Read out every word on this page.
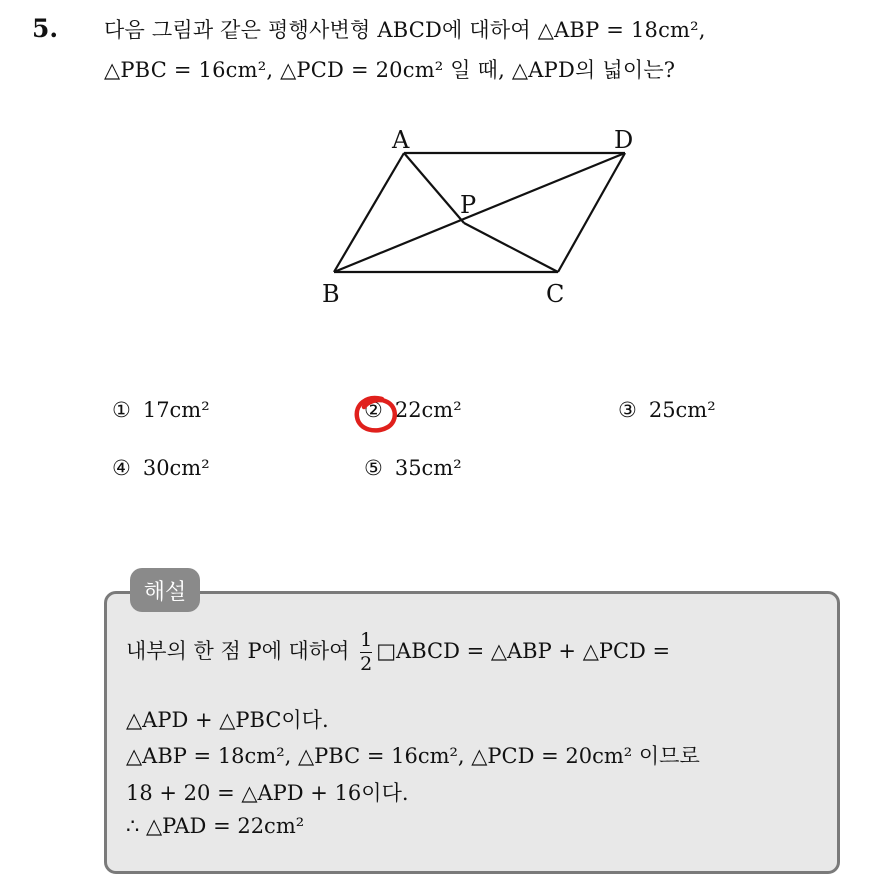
5. 다음 그림과 같은 평행사변형 ABCD에 대하여 △ABP = 18cm²,
△PBC = 16cm², △PCD = 20cm² 일 때, △APD의 넓이는?
A	D
P
B	C
① 17cm²	② 22cm²	③ 25cm²
④ 30cm²	⑤ 35cm²
해설
내부의 한 점 P에 대하여 $\frac{1}{2}$ □ABCD = △ABP + △PCD =
△APD + △PBC이다.
△ABP = 18cm², △PBC = 16cm², △PCD = 20cm² 이므로
18 + 20 = △APD + 16이다.
∴ △PAD = 22cm²
